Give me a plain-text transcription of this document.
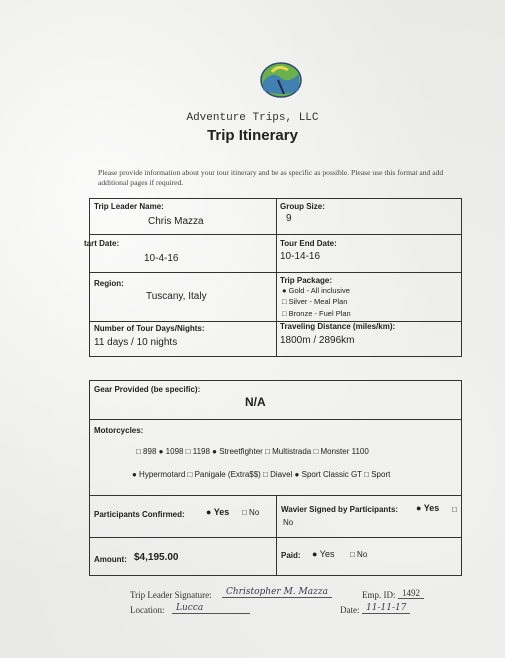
Adventure Trips, LLC
Trip Itinerary
Please provide information about your tour itinerary and be as specific as possible. Please use this format and add additional pages if required.
Trip Leader Name:
Chris Mazza
Group Size:
9
tart Date:
10-4-16
Tour End Date:
10-14-16
Region:
Tuscany, Italy
Trip Package:
● Gold - All inclusive
□ Silver - Meal Plan
□ Bronze - Fuel Plan
Number of Tour Days/Nights:
11 days / 10 nights
Traveling Distance (miles/km):
1800m / 2896km
Gear Provided (be specific):
N/A
Motorcycles:
□ 898 ● 1098 □ 1198 ● Streetfighter □ Multistrada □ Monster 1100
● Hypermotard □ Panigale (Extra$$) □ Diavel ● Sport Classic GT □ Sport
Participants Confirmed: ● Yes □ No	Wavier Signed by Participants: ● Yes □
No
Amount: $4,195.00	Paid: ● Yes □ No
Trip Leader Signature:	Christopher M. Mazza	Emp. ID: 1492
Location:	Lucca	Date: 11-11-17
